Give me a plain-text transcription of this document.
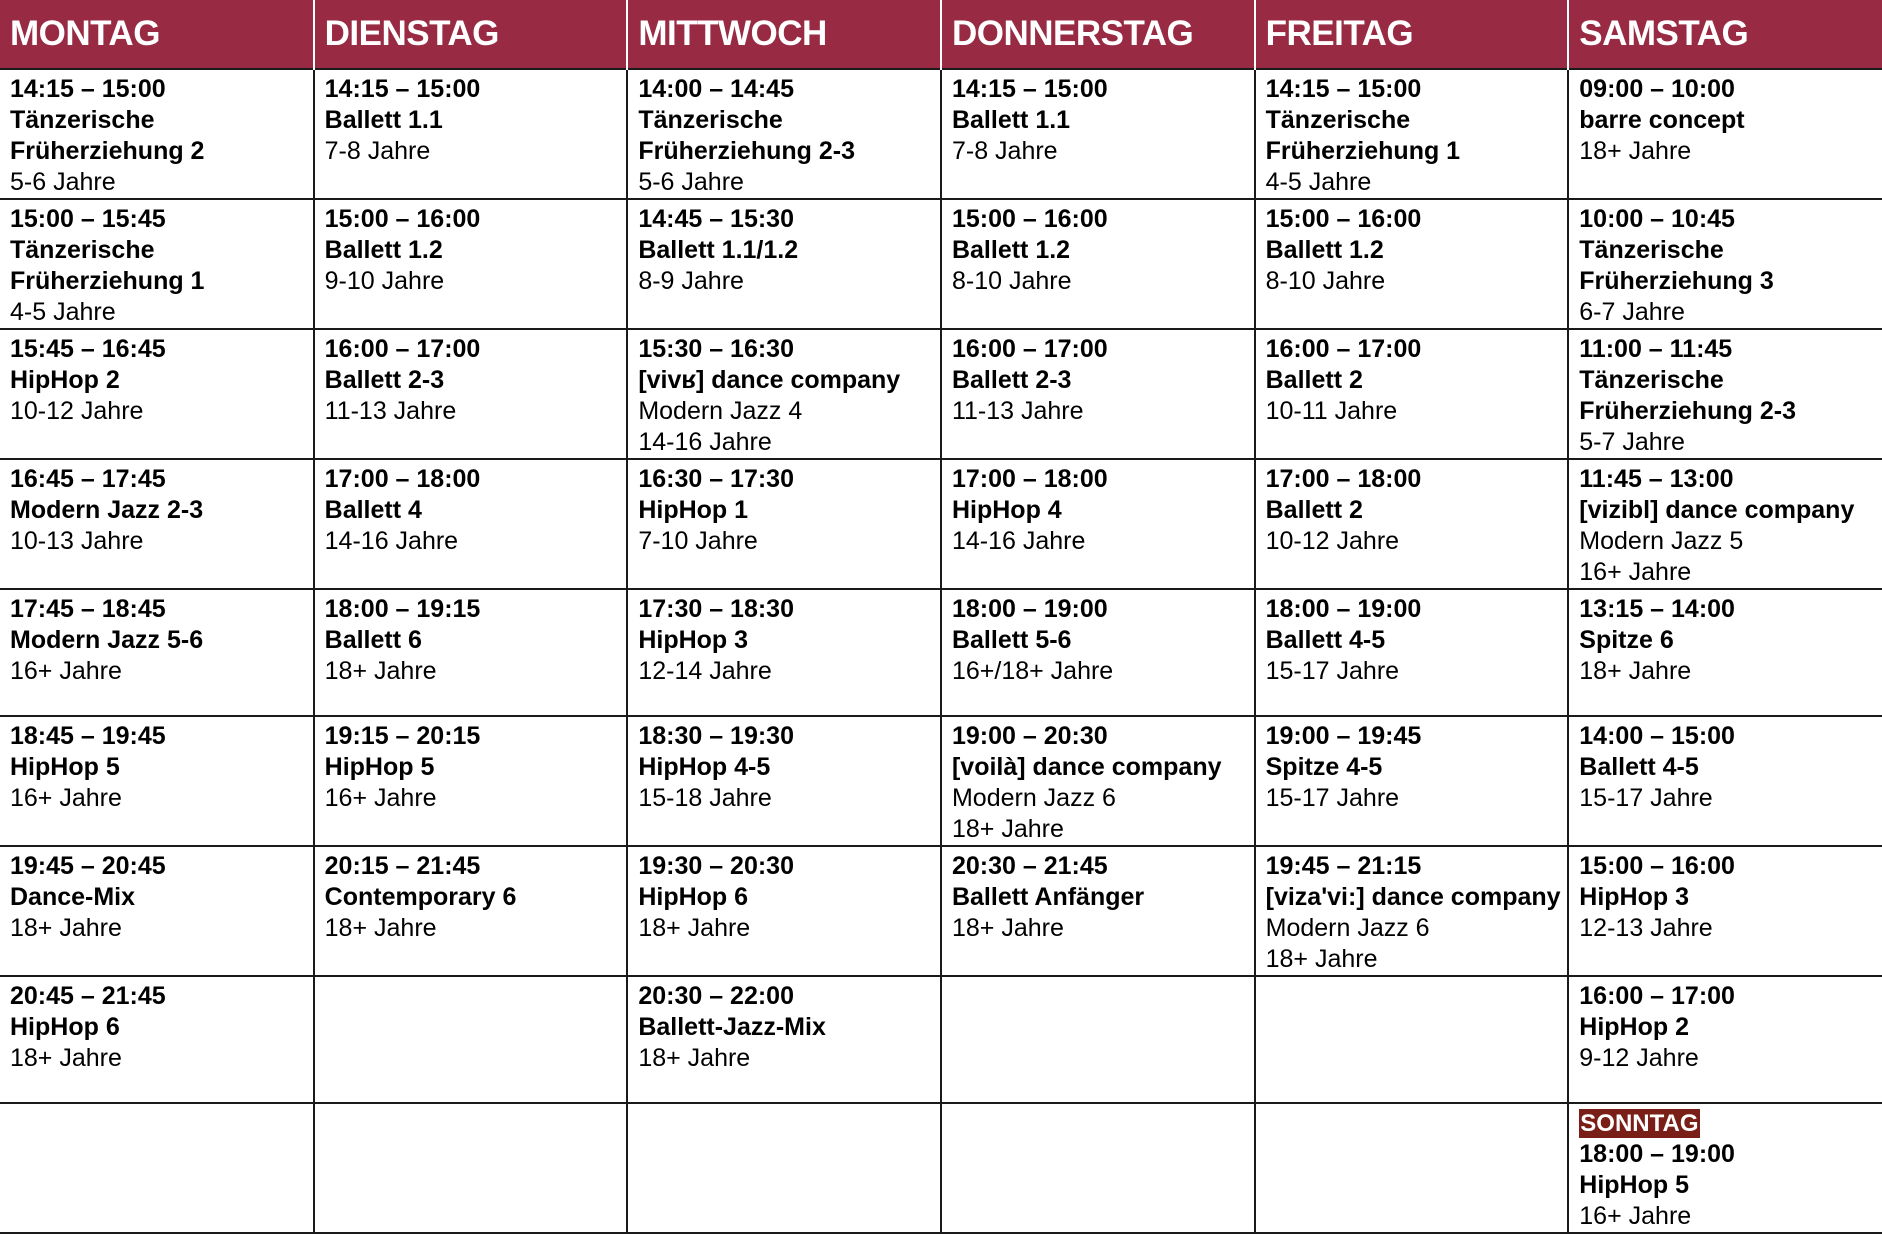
MONTAG	DIENSTAG	MITTWOCH	DONNERSTAG	FREITAG	SAMSTAG

14:15 – 15:00
Tänzerische Früherziehung 2
5-6 Jahre	14:15 – 15:00
Ballett 1.1
7-8 Jahre	14:00 – 14:45
Tänzerische Früherziehung 2-3
5-6 Jahre	14:15 – 15:00
Ballett 1.1
7-8 Jahre	14:15 – 15:00
Tänzerische Früherziehung 1
4-5 Jahre	09:00 – 10:00
barre concept
18+ Jahre

15:00 – 15:45
Tänzerische Früherziehung 1
4-5 Jahre	15:00 – 16:00
Ballett 1.2
9-10 Jahre	14:45 – 15:30
Ballett 1.1/1.2
8-9 Jahre	15:00 – 16:00
Ballett 1.2
8-10 Jahre	15:00 – 16:00
Ballett 1.2
8-10 Jahre	10:00 – 10:45
Tänzerische Früherziehung 3
6-7 Jahre

15:45 – 16:45
HipHop 2
10-12 Jahre	16:00 – 17:00
Ballett 2-3
11-13 Jahre	15:30 – 16:30
[vivʁ] dance company
Modern Jazz 4
14-16 Jahre	16:00 – 17:00
Ballett 2-3
11-13 Jahre	16:00 – 17:00
Ballett 2
10-11 Jahre	11:00 – 11:45
Tänzerische Früherziehung 2-3
5-7 Jahre

16:45 – 17:45
Modern Jazz 2-3
10-13 Jahre	17:00 – 18:00
Ballett 4
14-16 Jahre	16:30 – 17:30
HipHop 1
7-10 Jahre	17:00 – 18:00
HipHop 4
14-16 Jahre	17:00 – 18:00
Ballett 2
10-12 Jahre	11:45 – 13:00
[vizibl] dance company
Modern Jazz 5
16+ Jahre

17:45 – 18:45
Modern Jazz 5-6
16+ Jahre	18:00 – 19:15
Ballett 6
18+ Jahre	17:30 – 18:30
HipHop 3
12-14 Jahre	18:00 – 19:00
Ballett 5-6
16+/18+ Jahre	18:00 – 19:00
Ballett 4-5
15-17 Jahre	13:15 – 14:00
Spitze 6
18+ Jahre

18:45 – 19:45
HipHop 5
16+ Jahre	19:15 – 20:15
HipHop 5
16+ Jahre	18:30 – 19:30
HipHop 4-5
15-18 Jahre	19:00 – 20:30
[voilà] dance company
Modern Jazz 6
18+ Jahre	19:00 – 19:45
Spitze 4-5
15-17 Jahre	14:00 – 15:00
Ballett 4-5
15-17 Jahre

19:45 – 20:45
Dance-Mix
18+ Jahre	20:15 – 21:45
Contemporary 6
18+ Jahre	19:30 – 20:30
HipHop 6
18+ Jahre	20:30 – 21:45
Ballett Anfänger
18+ Jahre	19:45 – 21:15
[viza'vi:] dance company
Modern Jazz 6
18+ Jahre	15:00 – 16:00
HipHop 3
12-13 Jahre

20:45 – 21:45
HipHop 6
18+ Jahre		20:30 – 22:00
Ballett-Jazz-Mix
18+ Jahre			16:00 – 17:00
HipHop 2
9-12 Jahre

					SONNTAG
18:00 – 19:00
HipHop 5
16+ Jahre
